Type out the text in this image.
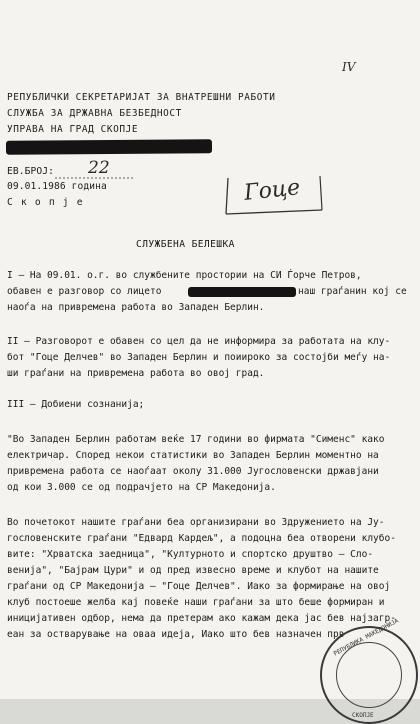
IV
РЕПУБЛИЧКИ СЕКРЕТАРИЈАТ ЗА ВНАТРЕШНИ РАБОТИ
СЛУЖБА ЗА ДРЖАВНА БЕЗБЕДНОСТ
УПРАВА НА ГРАД СКОПЈЕ
ЕВ.БРОЈ: 22
09.01.1986 година
С к о п ј е	Гоце
СЛУЖБЕНА БЕЛЕШКА
I – На 09.01. о.г. во службените простории на СИ Ѓорче Петров,
обавен е разговор со лицето	наш граѓанин кој се
наоѓа на привремена работа во Западен Берлин.
II – Разговорот е обавен со цел да не информира за работата на клу-
бот "Гоце Делчев" во Западен Берлин и поиироко за состојби меѓу на-
ши граѓани на привремена работа во овој град.
III – Добиени сознанија;
"Во Западен Берлин работам веќе 17 години во фирмата "Сименс" како
електричар. Според некои статистики во Западен Берлин моментно на
привремена работа се наоѓаат околу 31.000 Југословенски државјани
од кои 3.000 се од подрачјето на СР Македонија.
Во почетокот нашите граѓани беа организирани во Здружението на Ју-
гословенските граѓани "Едвард Кардељ", а подоцна беа отворени клубо-
вите: "Хрватска заедница", "Културното и спортско друштво – Сло-
венија", "Бајрам Цури" и од пред извесно време и клубот на нашите
граѓани од СР Македонија – "Гоце Делчев". Иако за формирање на овој
клуб постоеше желба кај повеќе наши граѓани за што беше формиран и
иницијативен одбор, нема да претерам ако кажам дека јас бев најзагр-
еан за остварување на оваа идеја, Иако што бев назначен прв
РЕПУБЛИКА МАКЕДОНИЈА
СКОПЈЕ
